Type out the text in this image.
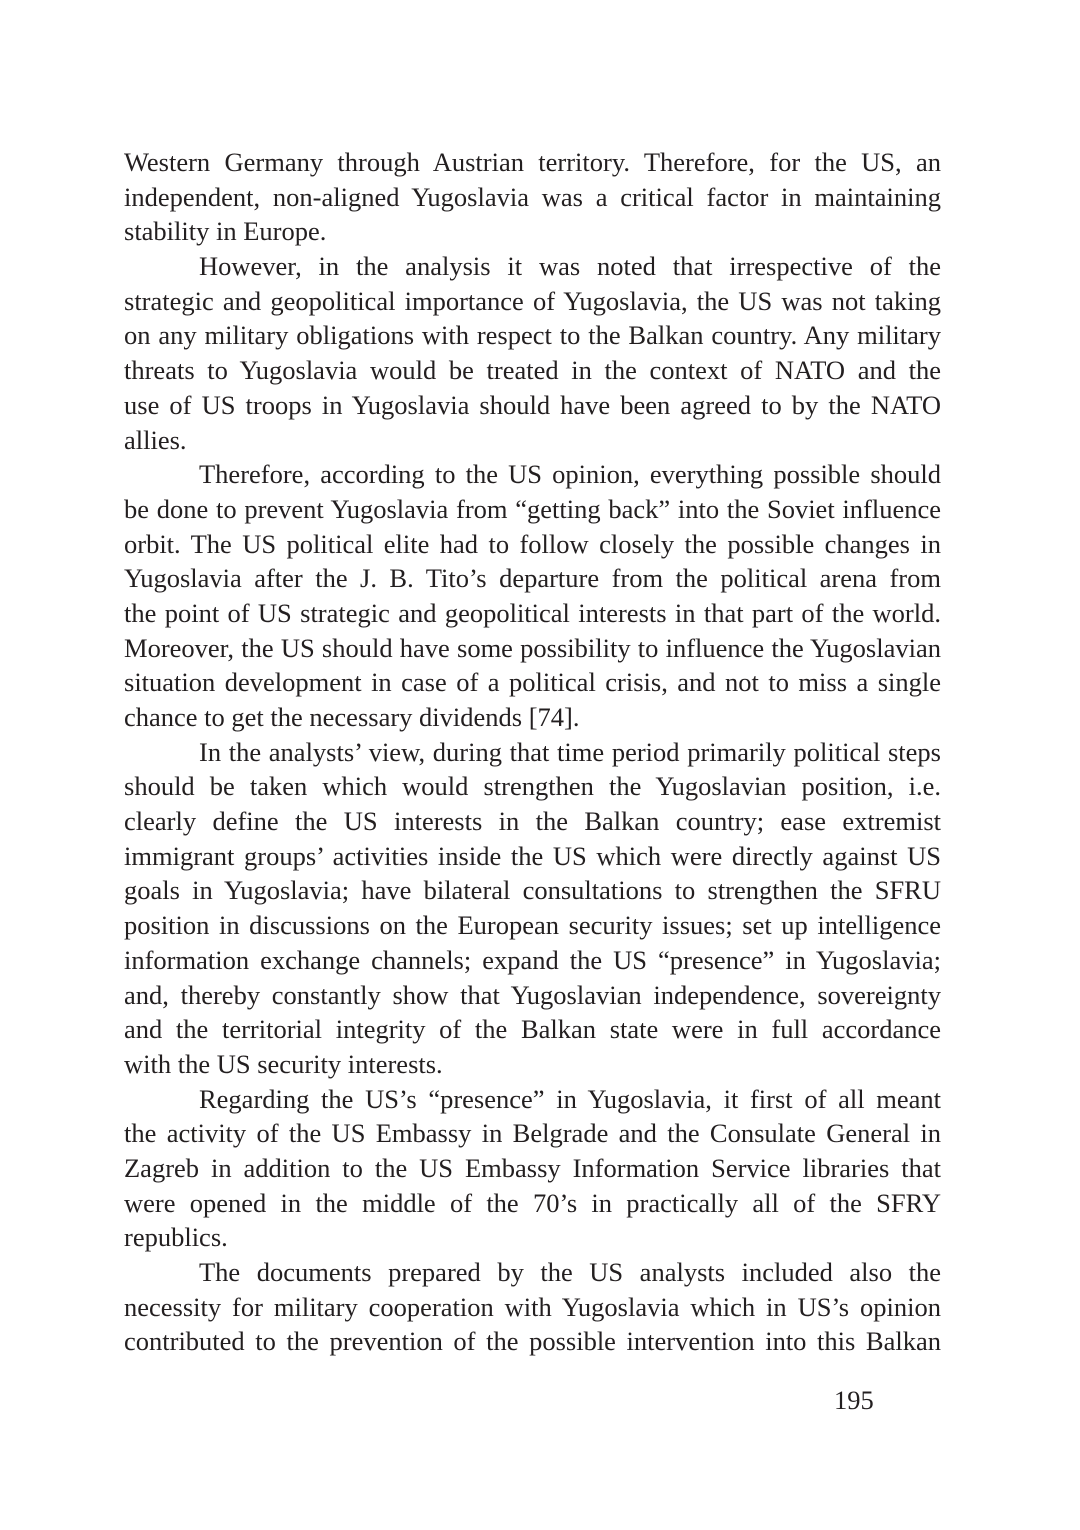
Western Germany through Austrian territory. Therefore, for the US, an
independent, non-aligned Yugoslavia was a critical factor in maintaining
stability in Europe.
However, in the analysis it was noted that irrespective of the
strategic and geopolitical importance of Yugoslavia, the US was not taking
on any military obligations with respect to the Balkan country. Any military
threats to Yugoslavia would be treated in the context of NATO and the
use of US troops in Yugoslavia should have been agreed to by the NATO
allies.
Therefore, according to the US opinion, everything possible should
be done to prevent Yugoslavia from “getting back” into the Soviet influence
orbit. The US political elite had to follow closely the possible changes in
Yugoslavia after the J. B. Tito’s departure from the political arena from
the point of US strategic and geopolitical interests in that part of the world.
Moreover, the US should have some possibility to influence the Yugoslavian
situation development in case of a political crisis, and not to miss a single
chance to get the necessary dividends [74].
In the analysts’ view, during that time period primarily political steps
should be taken which would strengthen the Yugoslavian position, i.e.
clearly define the US interests in the Balkan country; ease extremist
immigrant groups’ activities inside the US which were directly against US
goals in Yugoslavia; have bilateral consultations to strengthen the SFRU
position in discussions on the European security issues; set up intelligence
information exchange channels; expand the US “presence” in Yugoslavia;
and, thereby constantly show that Yugoslavian independence, sovereignty
and the territorial integrity of the Balkan state were in full accordance
with the US security interests.
Regarding the US’s “presence” in Yugoslavia, it first of all meant
the activity of the US Embassy in Belgrade and the Consulate General in
Zagreb in addition to the US Embassy Information Service libraries that
were opened in the middle of the 70’s in practically all of the SFRY
republics.
The documents prepared by the US analysts included also the
necessity for military cooperation with Yugoslavia which in US’s opinion
contributed to the prevention of the possible intervention into this Balkan
195
